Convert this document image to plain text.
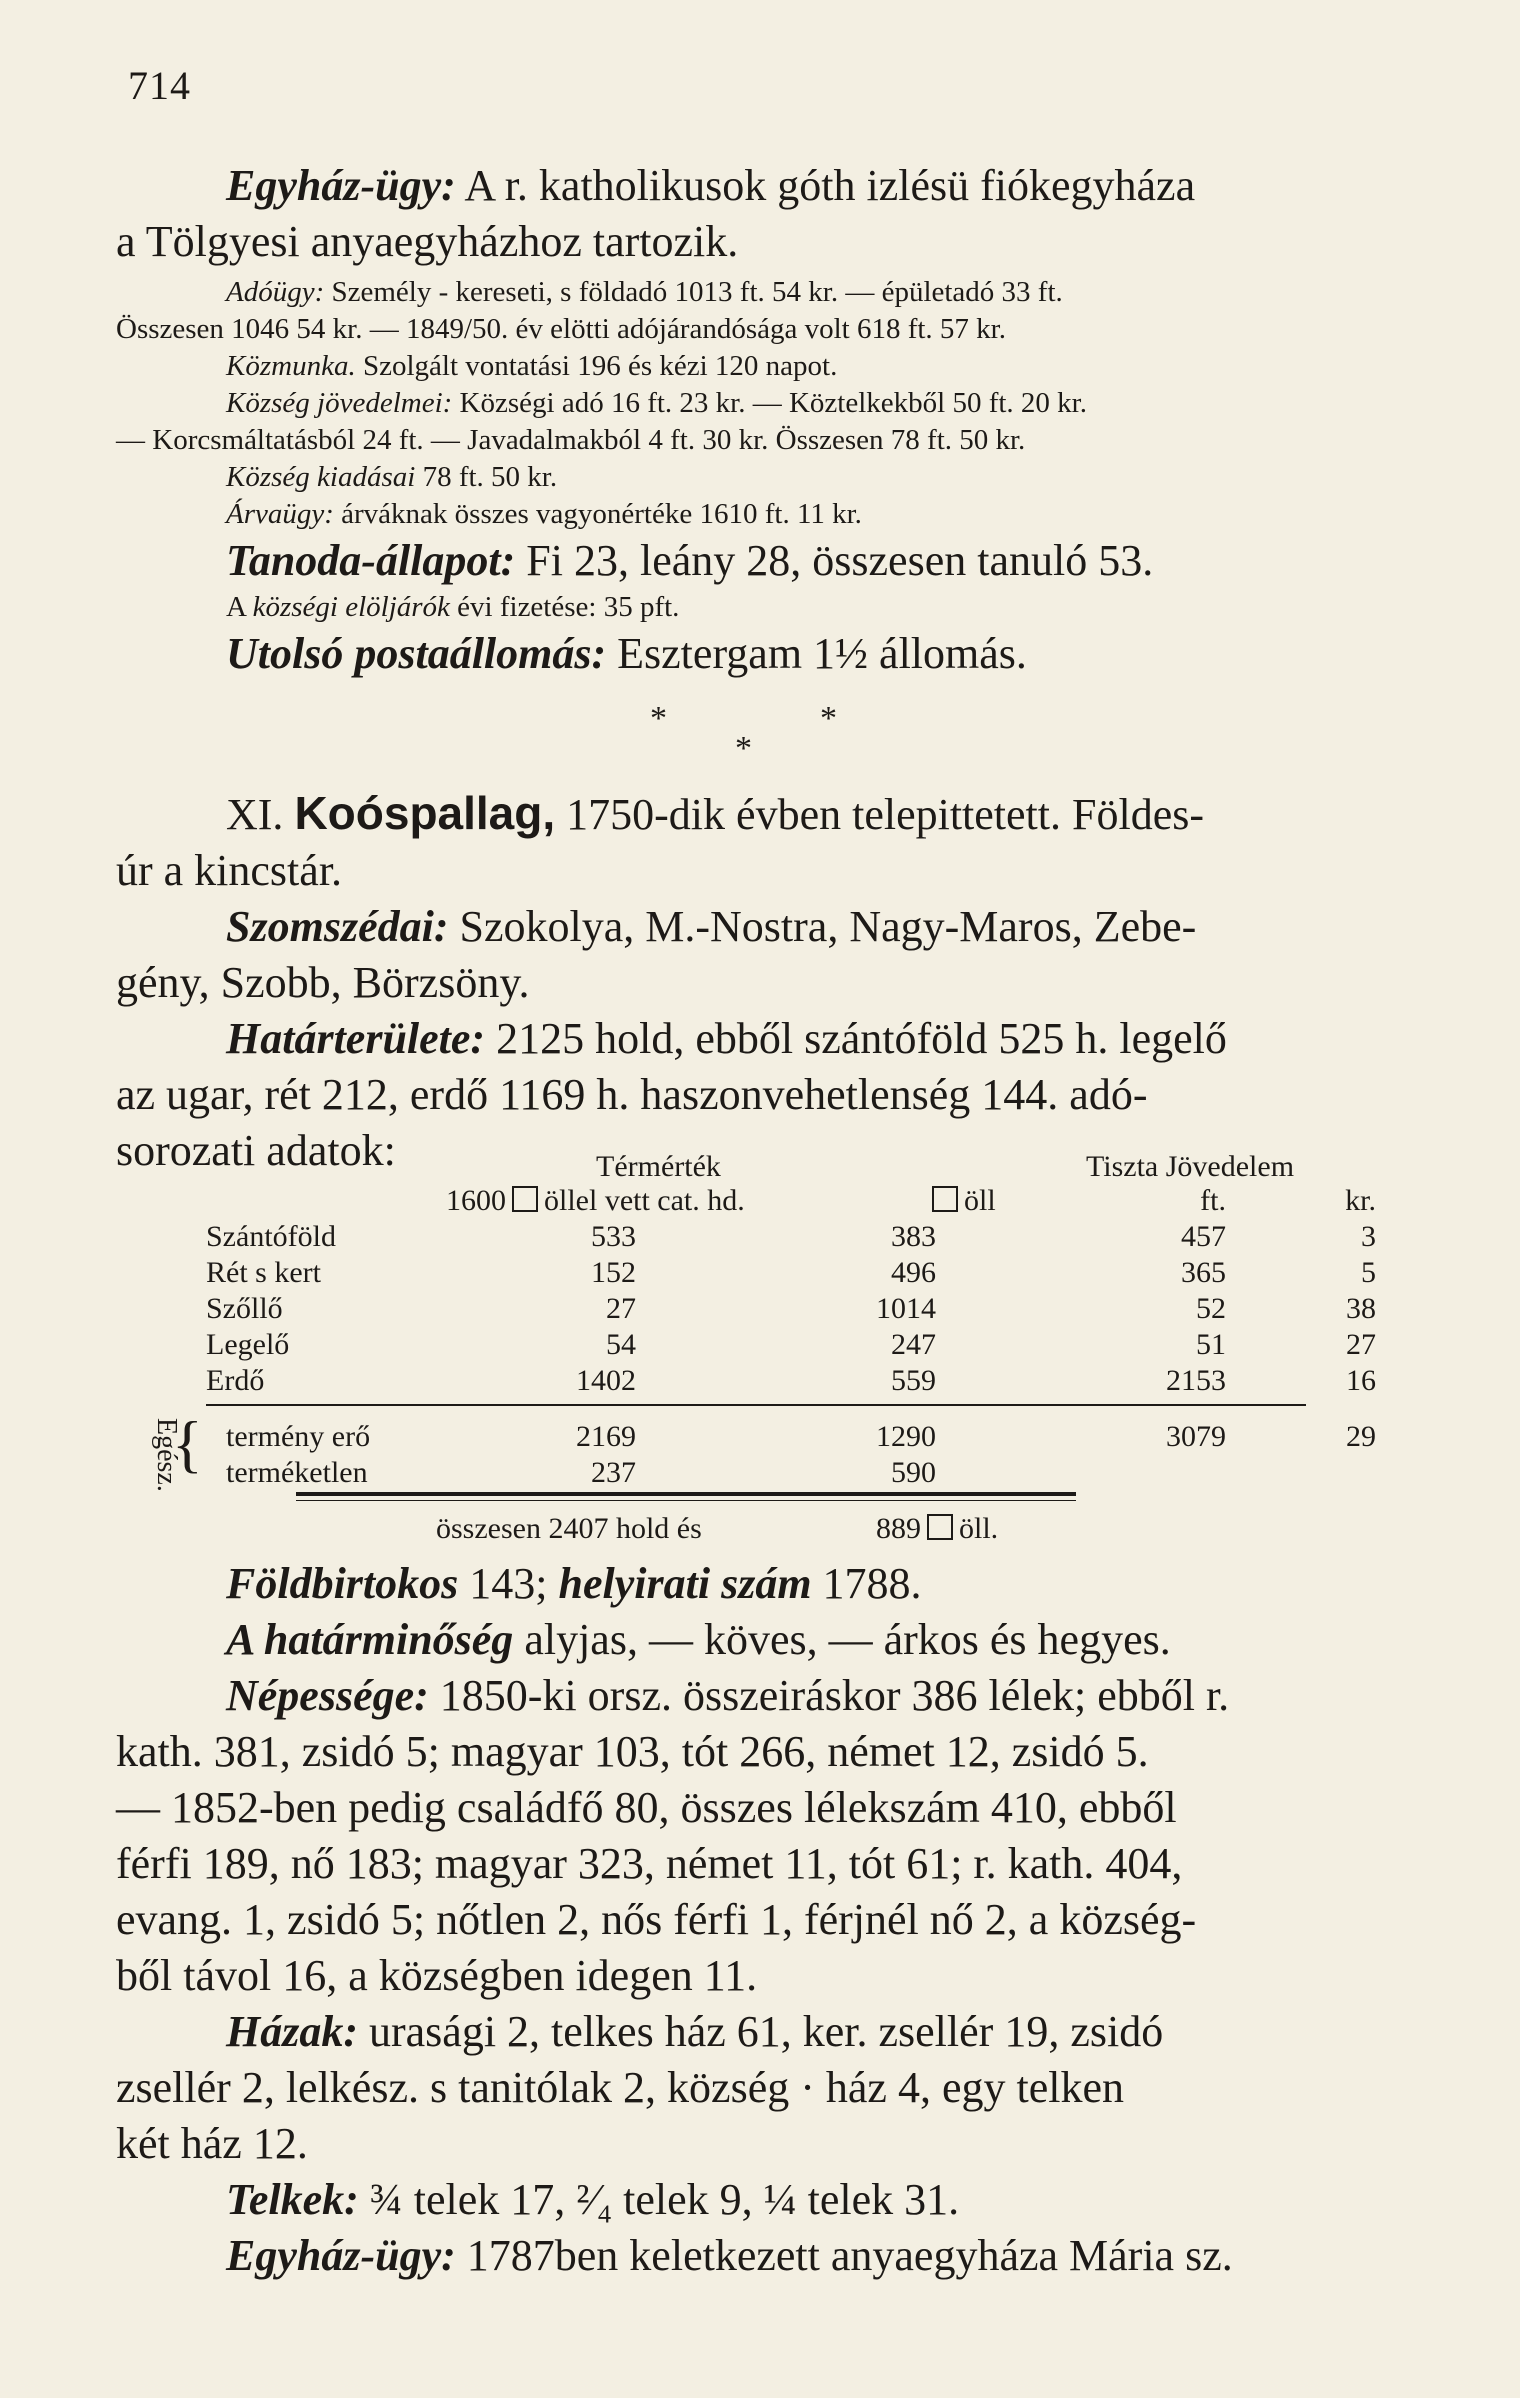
714
Egyház-ügy: A r. katholikusok góth izlésü fiókegyháza
a Tölgyesi anyaegyházhoz tartozik.
Adóügy: Személy - kereseti, s földadó 1013 ft. 54 kr. — épületadó 33 ft.
Összesen 1046 54 kr. — 1849/50. év elötti adójárandósága volt 618 ft. 57 kr.
Közmunka. Szolgált vontatási 196 és kézi 120 napot.
Község jövedelmei: Községi adó 16 ft. 23 kr. — Köztelkekből 50 ft. 20 kr.
— Korcsmáltatásból 24 ft. — Javadalmakból 4 ft. 30 kr. Összesen 78 ft. 50 kr.
Község kiadásai 78 ft. 50 kr.
Árvaügy: árváknak összes vagyonértéke 1610 ft. 11 kr.
Tanoda-állapot: Fi 23, leány 28, összesen tanuló 53.
A községi elöljárók évi fizetése: 35 pft.
Utolsó postaállomás: Esztergam 1½ állomás.
*	*
*
XI. Koóspallag, 1750-dik évben telepittetett. Földes-
úr a kincstár.
Szomszédai: Szokolya, M.-Nostra, Nagy-Maros, Zebe-
gény, Szobb, Börzsöny.
Határterülete: 2125 hold, ebből szántóföld 525 h. legelő
az ugar, rét 212, erdő 1169 h. haszonvehetlenség 144. adó-
sorozati adatok:	Térmérték	Tiszta Jövedelem
1600 öllel vett cat. hd.	öll	ft.	kr.
Szántóföld	533	383	457	3
Rét s kert	152	496	365	5
Szőllő	27	1014	52	38
Legelő	54	247	51	27
Erdő	1402	559	2153	16
Egész.
{ termény erő	2169	1290	3079	29
terméketlen	237	590
összesen 2407 hold és	889 öll.
Földbirtokos 143; helyirati szám 1788.
A határminőség alyjas, — köves, — árkos és hegyes.
Népessége: 1850-ki orsz. összeiráskor 386 lélek; ebből r.
kath. 381, zsidó 5; magyar 103, tót 266, német 12, zsidó 5.
— 1852-ben pedig családfő 80, összes lélekszám 410, ebből
férfi 189, nő 183; magyar 323, német 11, tót 61; r. kath. 404,
evang. 1, zsidó 5; nőtlen 2, nős férfi 1, férjnél nő 2, a község-
ből távol 16, a községben idegen 11.
Házak: urasági 2, telkes ház 61, ker. zsellér 19, zsidó
zsellér 2, lelkész. s tanitólak 2, község · ház 4, egy telken
két ház 12.
Telkek: ¾ telek 17, ²⁄₄ telek 9, ¼ telek 31.
Egyház-ügy: 1787ben keletkezett anyaegyháza Mária sz.
